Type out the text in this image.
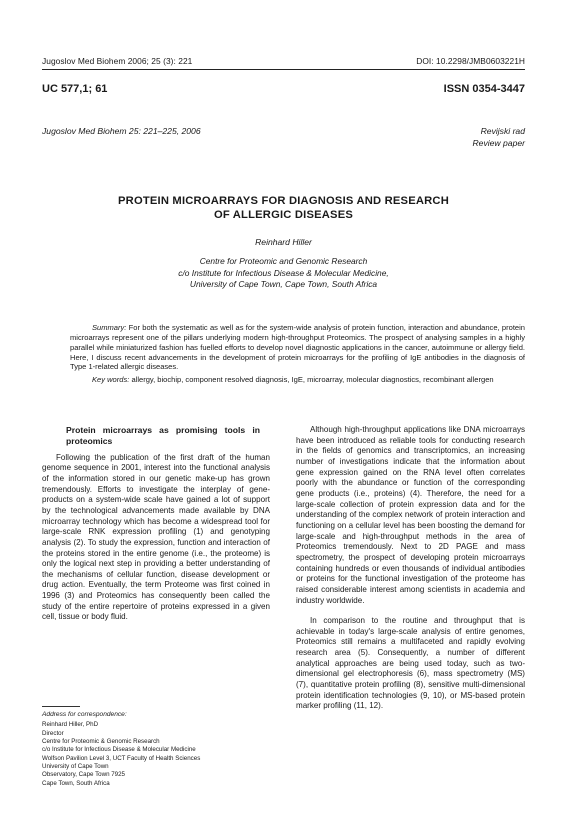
Jugoslov Med Biohem 2006; 25 (3): 221	DOI: 10.2298/JMB0603221H
UC 577,1; 61	ISSN 0354-3447
Jugoslov Med Biohem 25: 221–225, 2006	Revijski rad
Review paper
PROTEIN MICROARRAYS FOR DIAGNOSIS AND RESEARCH
OF ALLERGIC DISEASES
Reinhard Hiller
Centre for Proteomic and Genomic Research
c/o Institute for Infectious Disease & Molecular Medicine,
University of Cape Town, Cape Town, South Africa
Summary: For both the systematic as well as for the system-wide analysis of protein function, interaction and abundance, protein microarrays represent one of the pillars underlying modern high-throughput Proteomics. The prospect of analysing samples in a highly parallel while miniaturized fashion has fuelled efforts to develop novel diagnostic applications in the cancer, autoimmune or allergy field. Here, I discuss recent advancements in the development of protein microarrays for the profiling of IgE antibodies in the diagnosis of Type 1-related allergic diseases.
Key words: allergy, biochip, component resolved diagnosis, IgE, microarray, molecular diagnostics, recombinant allergen
Protein microarrays as promising tools in proteomics

Following the publication of the first draft of the human genome sequence in 2001, interest into the functional analysis of the information stored in our genetic make-up has grown tremendously. Efforts to investigate the interplay of gene-products on a system-wide scale have gained a lot of support by the technological advancements made available by DNA microarray technology which has become a widespread tool for large-scale RNK expression profiling (1) and genotyping analysis (2). To study the expression, function and interaction of the proteins stored in the entire genome (i.e., the proteome) is only the logical next step in providing a better understanding of the mechanisms of cellular function, disease development or drug action. Eventually, the term Proteome was first coined in 1996 (3) and Proteomics has consequently been called the study of the entire repertoire of proteins expressed in a given cell, tissue or body fluid.

Address for correspondence:
Reinhard Hiller, PhD
Director
Centre for Proteomic & Genomic Research
c/o Institute for Infectious Disease & Molecular Medicine
Wolfson Pavilion Level 3, UCT Faculty of Health Sciences
University of Cape Town
Observatory, Cape Town 7925
Cape Town, South Africa

Although high-throughput applications like DNA microarrays have been introduced as reliable tools for conducting research in the fields of genomics and transcriptomics, an increasing number of investigations indicate that the information about gene expression gained on the RNA level often correlates poorly with the abundance or function of the corresponding gene products (i.e., proteins) (4). Therefore, the need for a large-scale collection of protein expression data and for the understanding of the complex network of protein interaction and functioning on a cellular level has been boosting the demand for large-scale and high-throughput methods in the area of Proteomics tremendously. Next to 2D PAGE and mass spectrometry, the prospect of developing protein microarrays containing hundreds or even thousands of individual antibodies or proteins for the functional investigation of the proteome has raised considerable interest among scientists in academia and industry worldwide.

In comparison to the routine and throughput that is achievable in today's large-scale analysis of entire genomes, Proteomics still remains a multifaceted and rapidly evolving research area (5). Consequently, a number of different analytical approaches are being used today, such as two-dimensional gel electrophoresis (6), mass spectrometry (MS) (7), quantitative protein profiling (8), sensitive multi-dimensional protein identification technologies (9, 10), or MS-based protein marker profiling (11, 12).
